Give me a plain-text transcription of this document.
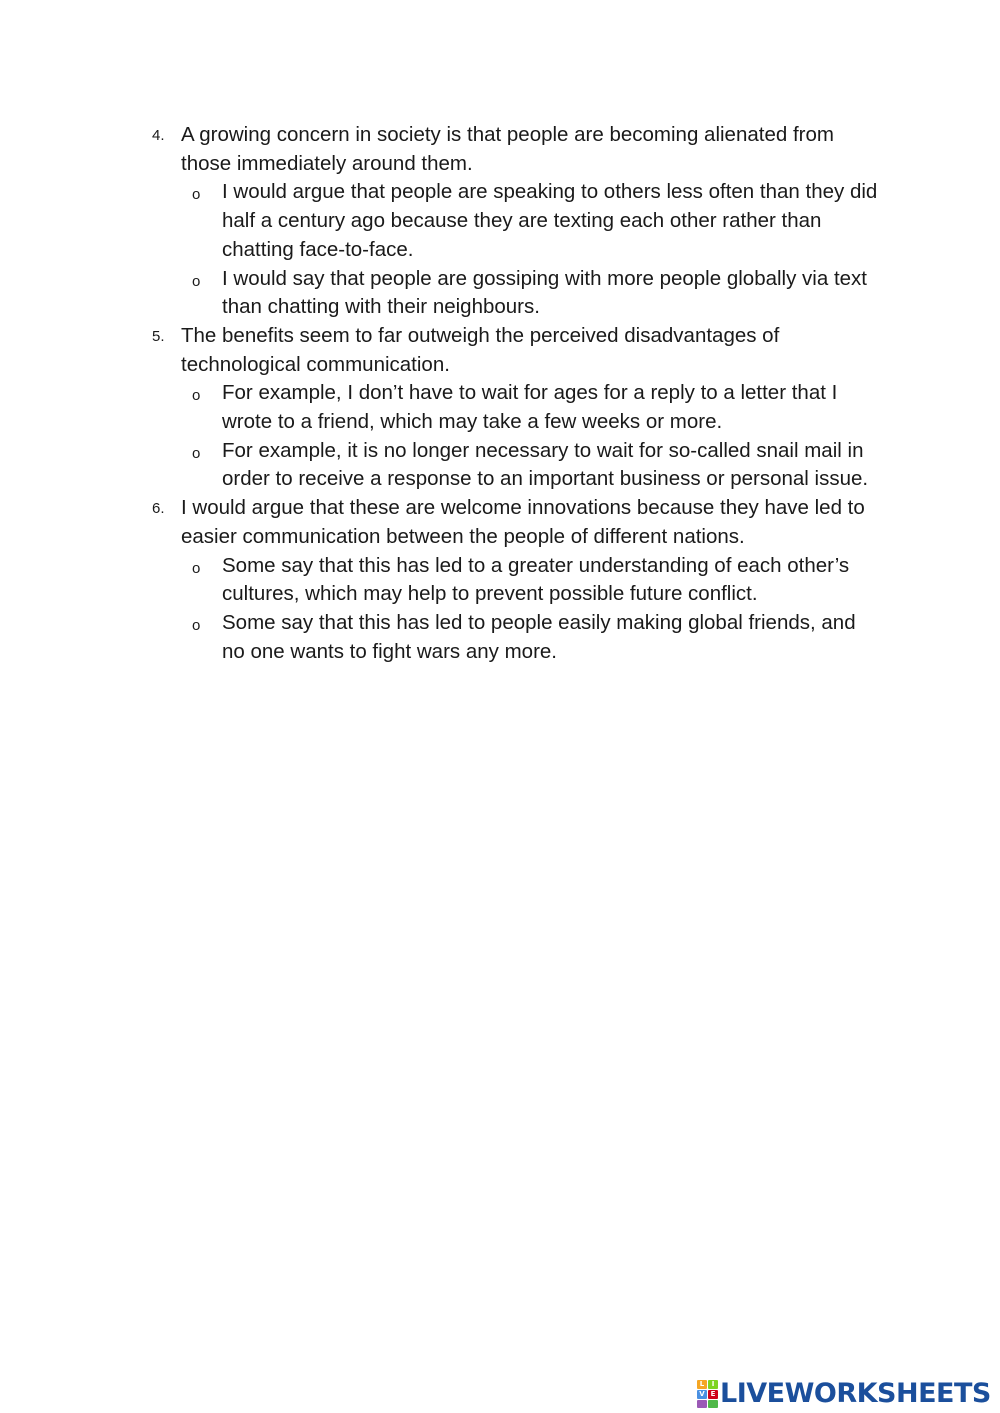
4. A growing concern in society is that people are becoming alienated from those immediately around them.
o I would argue that people are speaking to others less often than they did half a century ago because they are texting each other rather than chatting face-to-face.
o I would say that people are gossiping with more people globally via text than chatting with their neighbours.
5. The benefits seem to far outweigh the perceived disadvantages of technological communication.
o For example, I don’t have to wait for ages for a reply to a letter that I wrote to a friend, which may take a few weeks or more.
o For example, it is no longer necessary to wait for so-called snail mail in order to receive a response to an important business or personal issue.
6. I would argue that these are welcome innovations because they have led to easier communication between the people of different nations.
o Some say that this has led to a greater understanding of each other’s cultures, which may help to prevent possible future conflict.
o Some say that this has led to people easily making global friends, and no one wants to fight wars any more.
L	I
V E LIVEWORKSHEETS
